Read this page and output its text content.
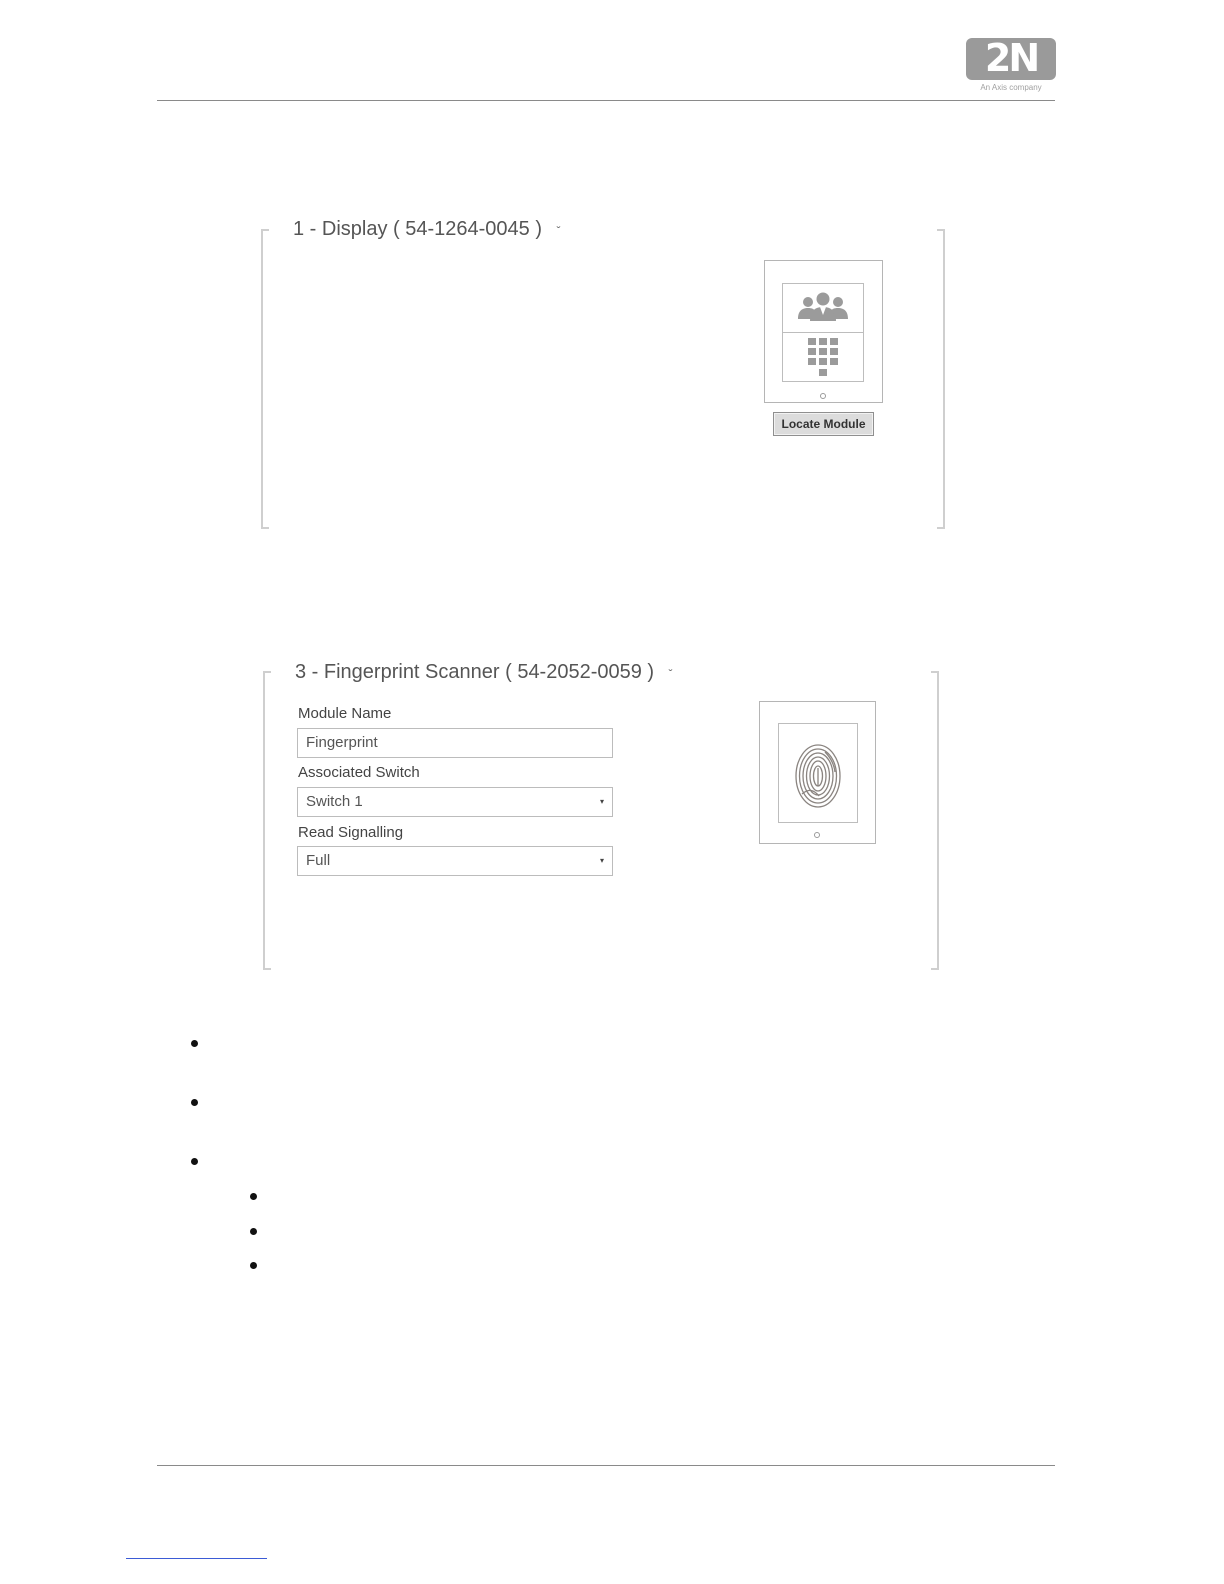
2N
An Axis company
1 - Display ( 54-1264-0045 ) ˇ
Locate Module
3 - Fingerprint Scanner ( 54-2052-0059 ) ˇ
Module Name
Fingerprint
Associated Switch
Switch 1	▾
Read Signalling
Full	▾
